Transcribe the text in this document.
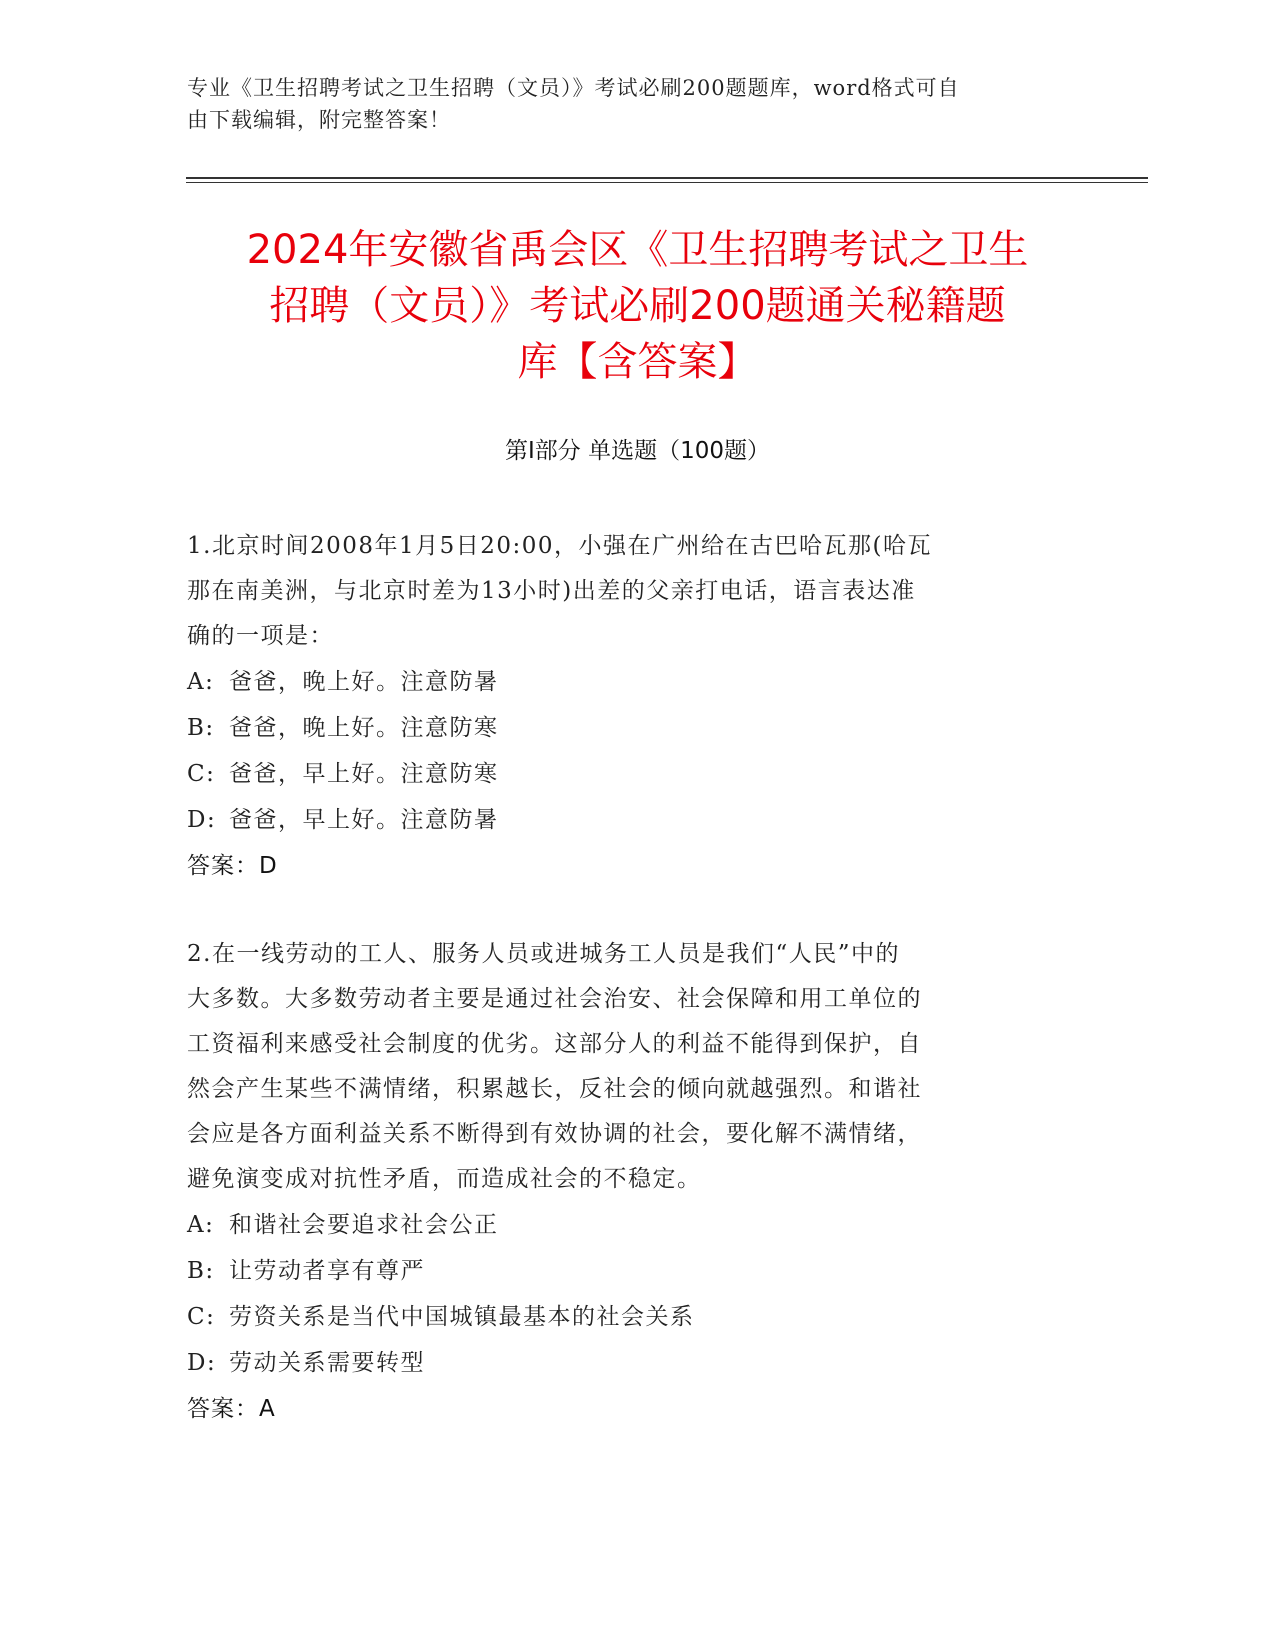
专业《卫生招聘考试之卫生招聘（文员）》考试必刷200题题库，word格式可自
由下载编辑，附完整答案！
2024年安徽省禹会区《卫生招聘考试之卫生
招聘（文员）》考试必刷200题通关秘籍题
库【含答案】
第I部分 单选题（100题）

1.北京时间2008年1月5日20:00，小强在广州给在古巴哈瓦那(哈瓦
那在南美洲，与北京时差为13小时)出差的父亲打电话，语言表达准
确的一项是：

A: 爸爸，晚上好。注意防暑

B: 爸爸，晚上好。注意防寒

C: 爸爸，早上好。注意防寒

D: 爸爸，早上好。注意防暑

答案：D

2.在一线劳动的工人、服务人员或进城务工人员是我们“人民”中的
大多数。大多数劳动者主要是通过社会治安、社会保障和用工单位的
工资福利来感受社会制度的优劣。这部分人的利益不能得到保护，自
然会产生某些不满情绪，积累越长，反社会的倾向就越强烈。和谐社
会应是各方面利益关系不断得到有效协调的社会，要化解不满情绪，
避免演变成对抗性矛盾，而造成社会的不稳定。

A: 和谐社会要追求社会公正

B: 让劳动者享有尊严

C: 劳资关系是当代中国城镇最基本的社会关系

D: 劳动关系需要转型

答案：A
